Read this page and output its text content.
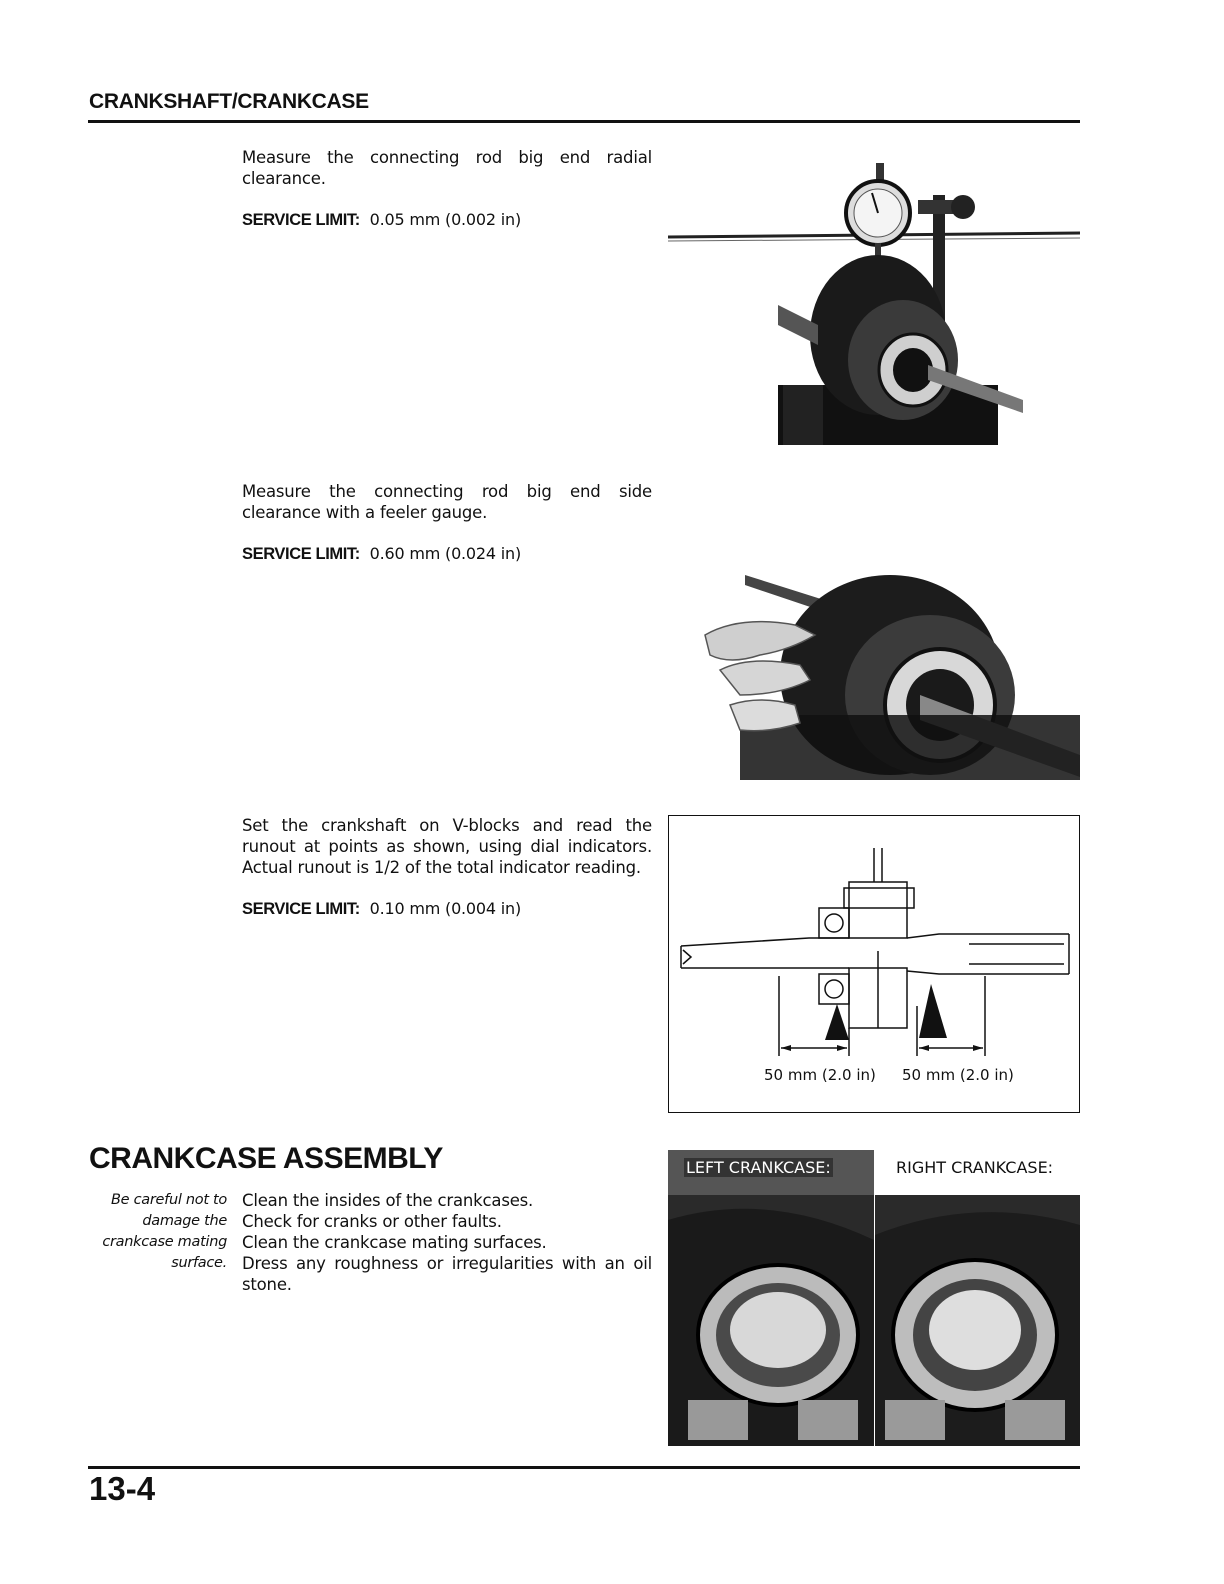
CRANKSHAFT/CRANKCASE

Measure the connecting rod big end radial clearance.

SERVICE LIMIT: 0.05 mm (0.002 in)

Measure the connecting rod big end side clearance with a feeler gauge.

SERVICE LIMIT: 0.60 mm (0.024 in)

Set the crankshaft on V-blocks and read the runout at points as shown, using dial indicators. Actual runout is 1/2 of the total indicator reading.

SERVICE LIMIT: 0.10 mm (0.004 in)
50 mm (2.0 in) 50 mm (2.0 in)
CRANKCASE ASSEMBLY
Be careful not to
damage the
crankcase mating
surface.
Clean the insides of the crankcases.
Check for cranks or other faults.
Clean the crankcase mating surfaces.
Dress any roughness or irregularities with an oil stone.
LEFT CRANKCASE:	RIGHT CRANKCASE:
13-4
